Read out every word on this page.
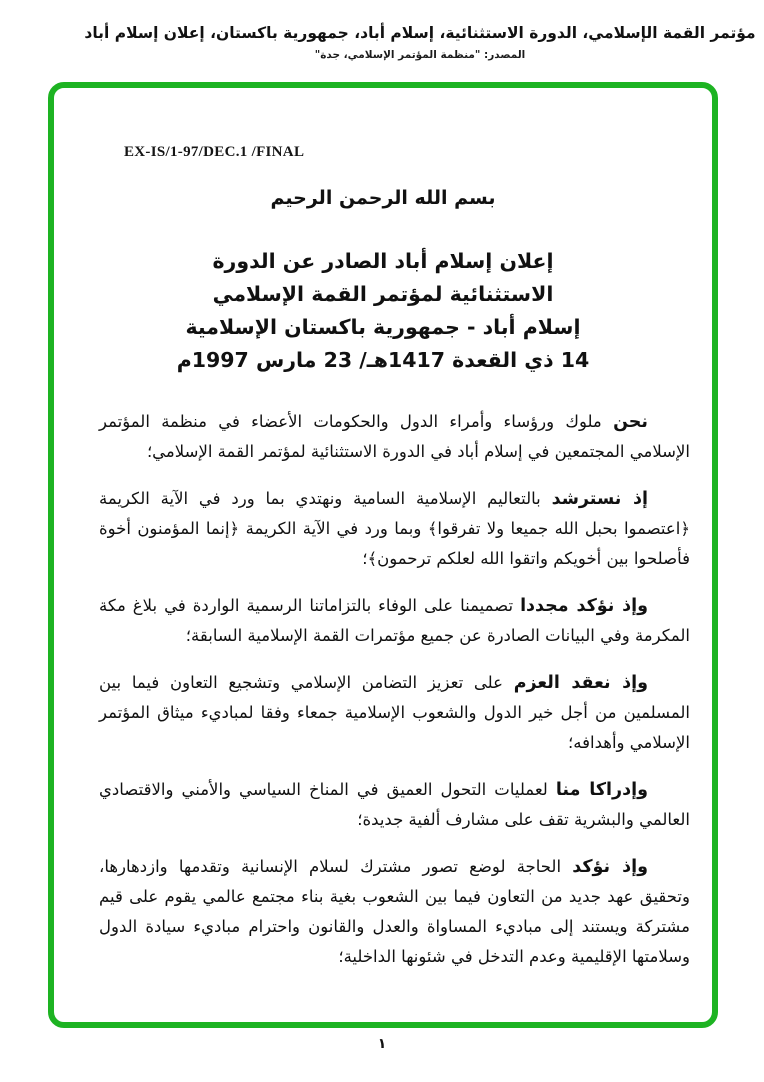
مؤتمر القمة الإسلامي، الدورة الاستثنائية، إسلام أباد، جمهورية باكستان، إعلان إسلام أباد
المصدر: "منظمة المؤتمر الإسلامي، جدة"
EX-IS/1-97/DEC.1 /FINAL
بسم الله الرحمن الرحيم
إعلان إسلام أباد الصادر عن الدورة
الاستثنائية لمؤتمر القمة الإسلامي
إسلام أباد - جمهورية باكستان الإسلامية
14 ذي القعدة 1417هـ/ 23 مارس 1997م

نحن ملوك ورؤساء وأمراء الدول والحكومات الأعضاء في منظمة المؤتمر الإسلامي المجتمعين في إسلام أباد في الدورة الاستثنائية لمؤتمر القمة الإسلامي؛

إذ نسترشد بالتعاليم الإسلامية السامية ونهتدي بما ورد في الآية الكريمة ﴿اعتصموا بحبل الله جميعا ولا تفرقوا﴾ وبما ورد في الآية الكريمة ﴿إنما المؤمنون أخوة فأصلحوا بين أخويكم واتقوا الله لعلكم ترحمون﴾؛

وإذ نؤكد مجددا تصميمنا على الوفاء بالتزاماتنا الرسمية الواردة في بلاغ مكة المكرمة وفي البيانات الصادرة عن جميع مؤتمرات القمة الإسلامية السابقة؛

وإذ نعقد العزم على تعزيز التضامن الإسلامي وتشجيع التعاون فيما بين المسلمين من أجل خير الدول والشعوب الإسلامية جمعاء وفقا لمباديء ميثاق المؤتمر الإسلامي وأهدافه؛

وإدراكا منا لعمليات التحول العميق في المناخ السياسي والأمني والاقتصادي العالمي والبشرية تقف على مشارف ألفية جديدة؛

وإذ نؤكد الحاجة لوضع تصور مشترك لسلام الإنسانية وتقدمها وازدهارها، وتحقيق عهد جديد من التعاون فيما بين الشعوب بغية بناء مجتمع عالمي يقوم على قيم مشتركة ويستند إلى مباديء المساواة والعدل والقانون واحترام مباديء سيادة الدول وسلامتها الإقليمية وعدم التدخل في شئونها الداخلية؛

١
